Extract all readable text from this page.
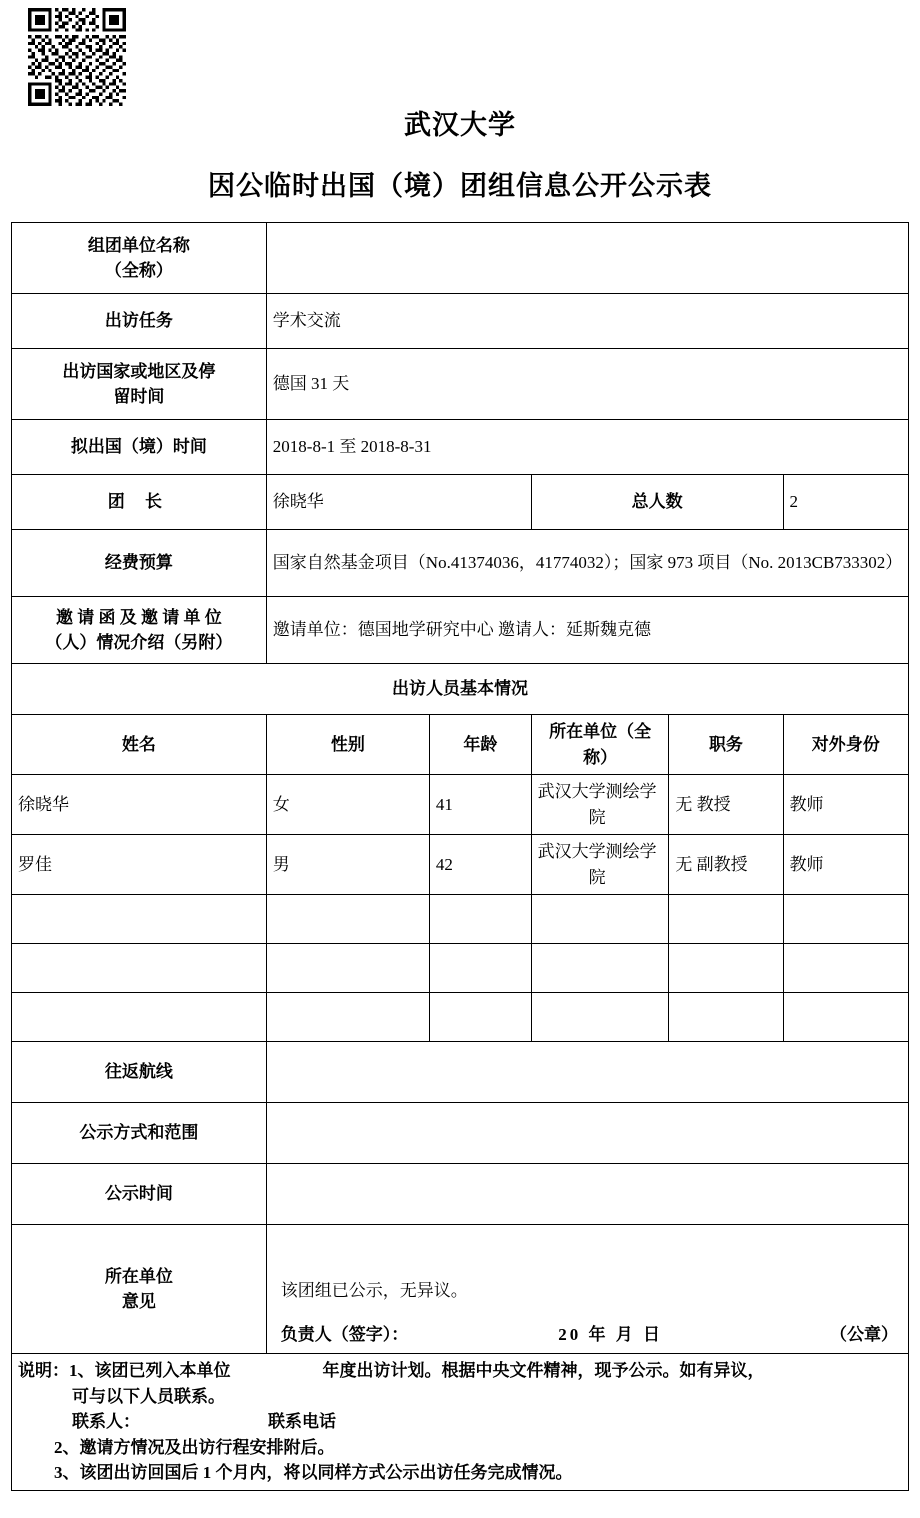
武汉大学
因公临时出国（境）团组信息公开公示表
组团单位名称
（全称）					

出访任务	学术交流				

出访国家或地区及停
留时间	德国 31 天				
拟出国（境）时间	2018-8-1 至 2018-8-31				
团 长	徐晓华		总人数		2
经费预算	国家自然基金项目（No.41374036，41774032）；国家 973 项目（No. 2013CB733302）				

邀 请 函 及 邀 请 单 位
（人）情况介绍（另附）	邀请单位：德国地学研究中心 邀请人：延斯魏克德				
出访人员基本情况					
姓名	性别	年龄	所在单位（全称）	职务	对外身份
徐晓华	女	41	武汉大学测绘学院	无 教授	教师
罗佳	男	42	武汉大学测绘学院	无 副教授	教师

往返航线					
公示方式和范围					
公示时间					

所在单位
意见

该团组已公示，无异议。
负责人（签字）：	20 年 月 日	（公章）

说明：1、该团已列入本单位 年度出访计划。根据中央文件精神，现予公示。如有异议，
可与以下人员联系。
联系人： 联系电话
2、邀请方情况及出访行程安排附后。
3、该团出访回国后 1 个月内，将以同样方式公示出访任务完成情况。					
